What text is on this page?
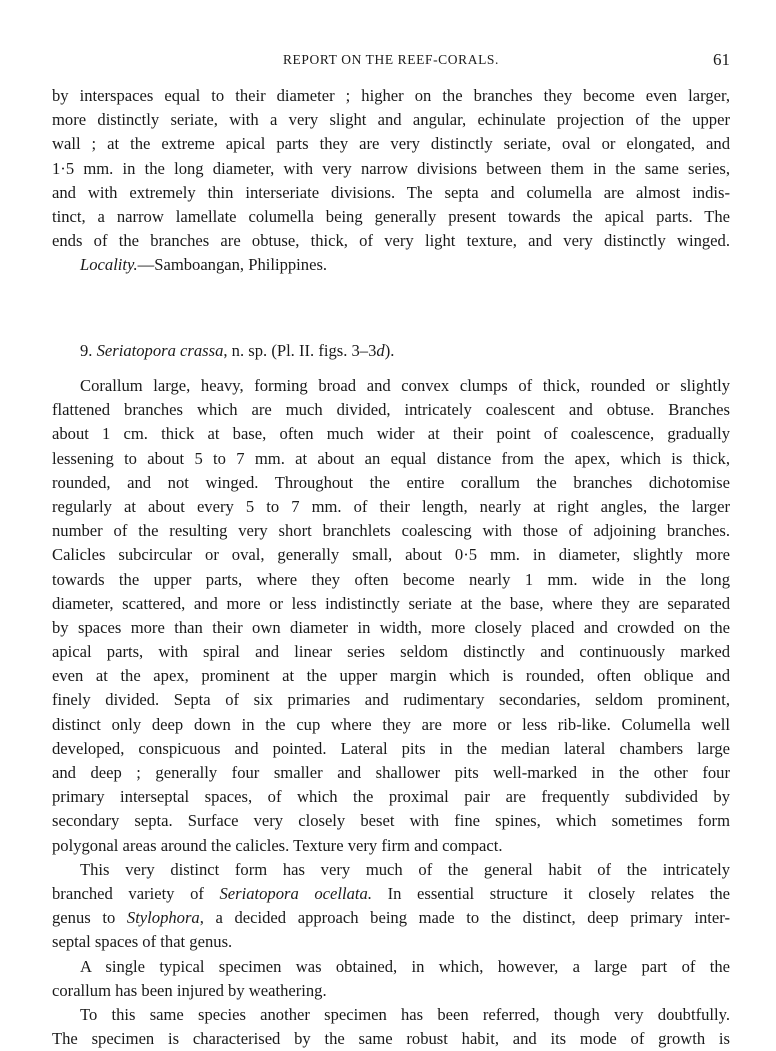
REPORT ON THE REEF-CORALS.	61
by interspaces equal to their diameter ; higher on the branches they become even larger,
more distinctly seriate, with a very slight and angular, echinulate projection of the upper
wall ; at the extreme apical parts they are very distinctly seriate, oval or elongated, and
1·5 mm. in the long diameter, with very narrow divisions between them in the same series,
and with extremely thin interseriate divisions. The septa and columella are almost indis-
tinct, a narrow lamellate columella being generally present towards the apical parts. The
ends of the branches are obtuse, thick, of very light texture, and very distinctly winged.
Locality.—Samboangan, Philippines.
9. Seriatopora crassa, n. sp. (Pl. II. figs. 3–3d).
Corallum large, heavy, forming broad and convex clumps of thick, rounded or slightly
flattened branches which are much divided, intricately coalescent and obtuse. Branches
about 1 cm. thick at base, often much wider at their point of coalescence, gradually
lessening to about 5 to 7 mm. at about an equal distance from the apex, which is thick,
rounded, and not winged. Throughout the entire corallum the branches dichotomise
regularly at about every 5 to 7 mm. of their length, nearly at right angles, the larger
number of the resulting very short branchlets coalescing with those of adjoining branches.
Calicles subcircular or oval, generally small, about 0·5 mm. in diameter, slightly more
towards the upper parts, where they often become nearly 1 mm. wide in the long
diameter, scattered, and more or less indistinctly seriate at the base, where they are separated
by spaces more than their own diameter in width, more closely placed and crowded on the
apical parts, with spiral and linear series seldom distinctly and continuously marked
even at the apex, prominent at the upper margin which is rounded, often oblique and
finely divided. Septa of six primaries and rudimentary secondaries, seldom prominent,
distinct only deep down in the cup where they are more or less rib-like. Columella well
developed, conspicuous and pointed. Lateral pits in the median lateral chambers large
and deep ; generally four smaller and shallower pits well-marked in the other four
primary interseptal spaces, of which the proximal pair are frequently subdivided by
secondary septa. Surface very closely beset with fine spines, which sometimes form
polygonal areas around the calicles. Texture very firm and compact.
This very distinct form has very much of the general habit of the intricately
branched variety of Seriatopora ocellata. In essential structure it closely relates the
genus to Stylophora, a decided approach being made to the distinct, deep primary inter-
septal spaces of that genus.
A single typical specimen was obtained, in which, however, a large part of the
corallum has been injured by weathering.
To this same species another specimen has been referred, though very doubtfully.
The specimen is characterised by the same robust habit, and its mode of growth is
